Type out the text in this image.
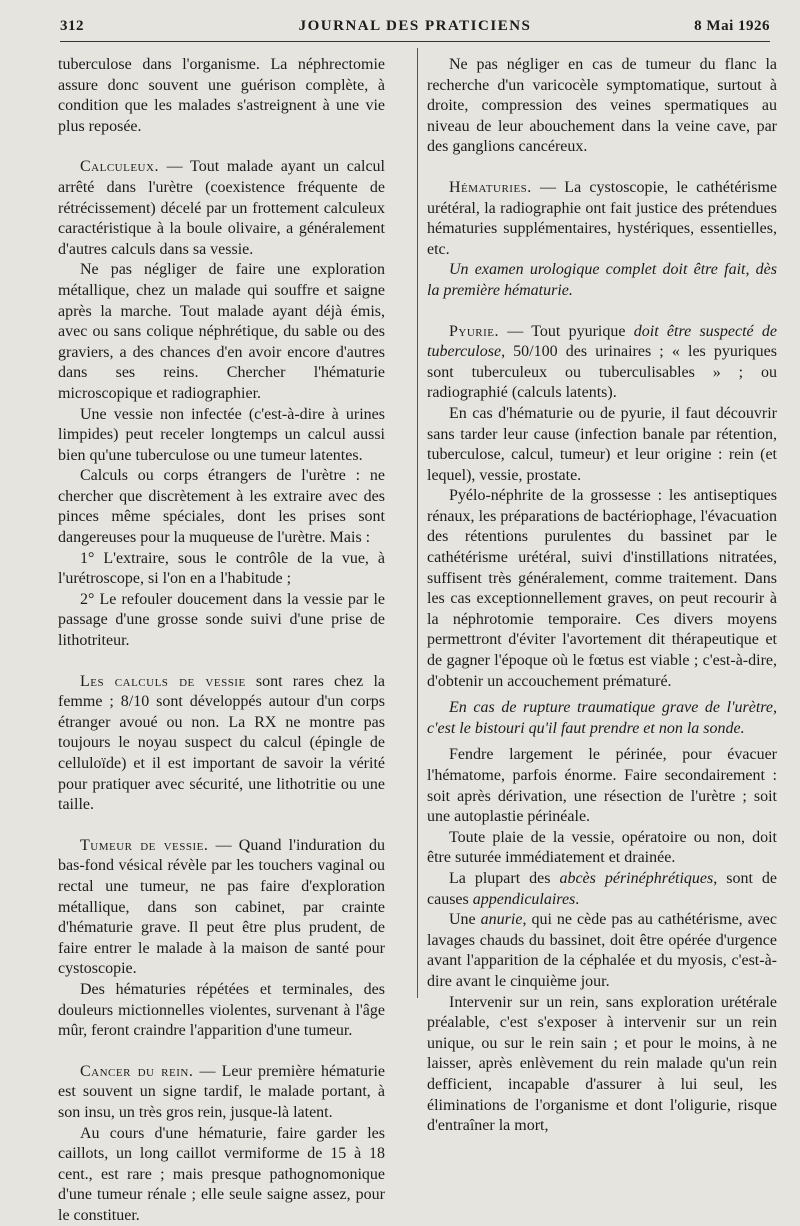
312	JOURNAL DES PRATICIENS	8 Mai 1926

tuberculose dans l'organisme. La néphrectomie assure donc souvent une guérison complète, à condition que les malades s'astreignent à une vie plus reposée.

Calculeux. — Tout malade ayant un calcul arrêté dans l'urètre (coexistence fréquente de rétrécissement) décelé par un frottement calculeux caractéristique à la boule olivaire, a généralement d'autres calculs dans sa vessie.

Ne pas négliger de faire une exploration métallique, chez un malade qui souffre et saigne après la marche. Tout malade ayant déjà émis, avec ou sans colique néphrétique, du sable ou des graviers, a des chances d'en avoir encore d'autres dans ses reins. Chercher l'hématurie microscopique et radiographier.

Une vessie non infectée (c'est-à-dire à urines limpides) peut receler longtemps un calcul aussi bien qu'une tuberculose ou une tumeur latentes.

Calculs ou corps étrangers de l'urètre : ne chercher que discrètement à les extraire avec des pinces même spéciales, dont les prises sont dangereuses pour la muqueuse de l'urètre. Mais :

1° L'extraire, sous le contrôle de la vue, à l'urétroscope, si l'on en a l'habitude ;

2° Le refouler doucement dans la vessie par le passage d'une grosse sonde suivi d'une prise de lithotriteur.

Les calculs de vessie sont rares chez la femme ; 8/10 sont développés autour d'un corps étranger avoué ou non. La RX ne montre pas toujours le noyau suspect du calcul (épingle de celluloïde) et il est important de savoir la vérité pour pratiquer avec sécurité, une lithotritie ou une taille.

Tumeur de vessie. — Quand l'induration du bas-fond vésical révèle par les touchers vaginal ou rectal une tumeur, ne pas faire d'exploration métallique, dans son cabinet, par crainte d'hématurie grave. Il peut être plus prudent, de faire entrer le malade à la maison de santé pour cystoscopie.

Des hématuries répétées et terminales, des douleurs mictionnelles violentes, survenant à l'âge mûr, feront craindre l'apparition d'une tumeur.

Cancer du rein. — Leur première hématurie est souvent un signe tardif, le malade portant, à son insu, un très gros rein, jusque-là latent.

Au cours d'une hématurie, faire garder les caillots, un long caillot vermiforme de 15 à 18 cent., est rare ; mais presque pathognomonique d'une tumeur rénale ; elle seule saigne assez, pour le constituer.

Ne pas négliger en cas de tumeur du flanc la recherche d'un varicocèle symptomatique, surtout à droite, compression des veines spermatiques au niveau de leur abouchement dans la veine cave, par des ganglions cancéreux.

Hématuries. — La cystoscopie, le cathétérisme urétéral, la radiographie ont fait justice des prétendues hématuries supplémentaires, hystériques, essentielles, etc.

Un examen urologique complet doit être fait, dès la première hématurie.

Pyurie. — Tout pyurique doit être suspecté de tuberculose, 50/100 des urinaires ; « les pyuriques sont tuberculeux ou tuberculisables » ; ou radiographié (calculs latents).

En cas d'hématurie ou de pyurie, il faut découvrir sans tarder leur cause (infection banale par rétention, tuberculose, calcul, tumeur) et leur origine : rein (et lequel), vessie, prostate.

Pyélo-néphrite de la grossesse : les antiseptiques rénaux, les préparations de bactériophage, l'évacuation des rétentions purulentes du bassinet par le cathétérisme urétéral, suivi d'instillations nitratées, suffisent très généralement, comme traitement. Dans les cas exceptionnellement graves, on peut recourir à la néphrotomie temporaire. Ces divers moyens permettront d'éviter l'avortement dit thérapeutique et de gagner l'époque où le fœtus est viable ; c'est-à-dire, d'obtenir un accouchement prématuré.

En cas de rupture traumatique grave de l'urètre, c'est le bistouri qu'il faut prendre et non la sonde.

Fendre largement le périnée, pour évacuer l'hématome, parfois énorme. Faire secondairement : soit après dérivation, une résection de l'urètre ; soit une autoplastie périnéale.

Toute plaie de la vessie, opératoire ou non, doit être suturée immédiatement et drainée.

La plupart des abcès périnéphrétiques, sont de causes appendiculaires.

Une anurie, qui ne cède pas au cathétérisme, avec lavages chauds du bassinet, doit être opérée d'urgence avant l'apparition de la céphalée et du myosis, c'est-à-dire avant le cinquième jour.

Intervenir sur un rein, sans exploration urétérale préalable, c'est s'exposer à intervenir sur un rein unique, ou sur le rein sain ; et pour le moins, à ne laisser, après enlèvement du rein malade qu'un rein defficient, incapable d'assurer à lui seul, les éliminations de l'organisme et dont l'oligurie, risque d'entraîner la mort,
